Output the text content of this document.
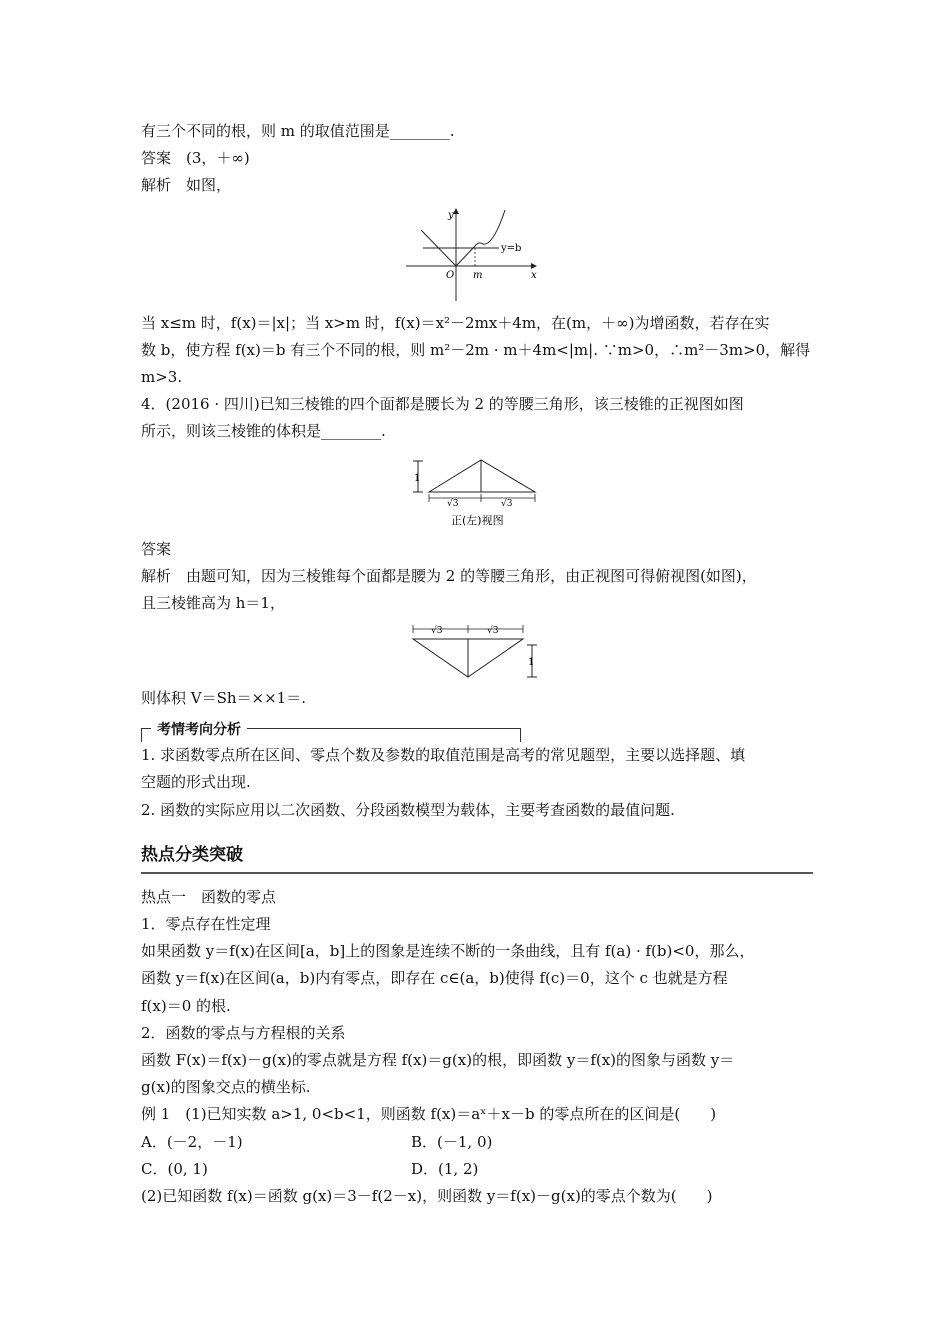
有三个不同的根，则 m 的取值范围是________.
答案　(3，＋∞)
解析　如图，
y
x
O m
y=b
当 x≤m 时，f(x)＝|x|；当 x>m 时，f(x)＝x²－2mx＋4m，在(m，＋∞)为增函数，若存在实
数 b，使方程 f(x)＝b 有三个不同的根，则 m²－2m · m＋4m<|m|. ∵m>0，∴m²－3m>0，解得
m>3.
4．(2016 · 四川)已知三棱锥的四个面都是腰长为 2 的等腰三角形，该三棱锥的正视图如图
所示，则该三棱锥的体积是________.
1
√3	√3
正(左)视图
答案
解析　由题可知，因为三棱锥每个面都是腰为 2 的等腰三角形，由正视图可得俯视图(如图)，
且三棱锥高为 h＝1，
√3	√3
1
则体积 V＝Sh＝××1＝.
考情考向分析
1. 求函数零点所在区间、零点个数及参数的取值范围是高考的常见题型，主要以选择题、填
空题的形式出现.
2. 函数的实际应用以二次函数、分段函数模型为载体，主要考查函数的最值问题.
热点分类突破
热点一　函数的零点
1．零点存在性定理
如果函数 y＝f(x)在区间[a，b]上的图象是连续不断的一条曲线，且有 f(a) · f(b)<0，那么，
函数 y＝f(x)在区间(a，b)内有零点，即存在 c∈(a，b)使得 f(c)＝0，这个 c 也就是方程
f(x)＝0 的根.
2．函数的零点与方程根的关系
函数 F(x)＝f(x)－g(x)的零点就是方程 f(x)＝g(x)的根，即函数 y＝f(x)的图象与函数 y＝
g(x)的图象交点的横坐标.
例 1　(1)已知实数 a>1, 0<b<1，则函数 f(x)＝aˣ＋x－b 的零点所在的区间是(　　)
A．(－2，－1)	B．(－1, 0)
C．(0, 1)	D．(1, 2)
(2)已知函数 f(x)＝函数 g(x)＝3－f(2－x)，则函数 y＝f(x)－g(x)的零点个数为(　　)
